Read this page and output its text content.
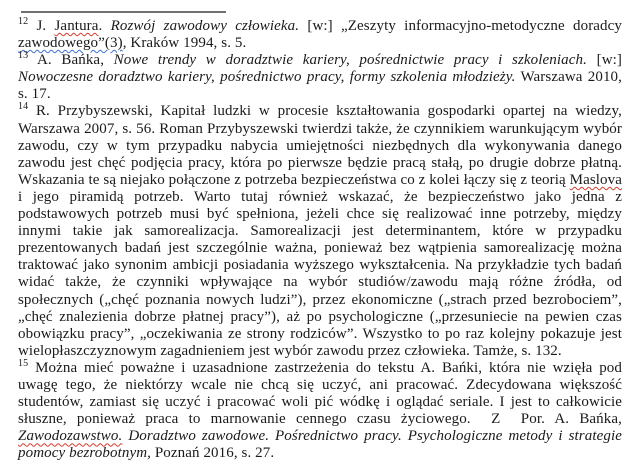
$^{12}$ J. Jantura. Rozwój zawodowy człowieka. [w:] „Zeszyty informacyjno-metodyczne doradcy zawodowego”(3), Kraków 1994, s. 5.

$^{13}$ A. Bańka, Nowe trendy w doradztwie kariery, pośrednictwie pracy i szkoleniach. [w:] Nowoczesne doradztwo kariery, pośrednictwo pracy, formy szkolenia młodzieży. Warszawa 2010, s. 17.

$^{14}$ R. Przybyszewski, Kapitał ludzki w procesie kształtowania gospodarki opartej na wiedzy, Warszawa 2007, s. 56. Roman Przybyszewski twierdzi także, że czynnikiem warunkującym wybór zawodu, czy w tym przypadku nabycia umiejętności niezbędnych dla wykonywania danego zawodu jest chęć podjęcia pracy, która po pierwsze będzie pracą stałą, po drugie dobrze płatną. Wskazania te są niejako połączone z potrzeba bezpieczeństwa co z kolei łączy się z teorią Maslova i jego piramidą potrzeb. Warto tutaj również wskazać, że bezpieczeństwo jako jedna z podstawowych potrzeb musi być spełniona, jeżeli chce się realizować inne potrzeby, między innymi takie jak samorealizacja. Samorealizacji jest determinantem, które w przypadku prezentowanych badań jest szczególnie ważna, ponieważ bez wątpienia samorealizację można traktować jako synonim ambicji posiadania wyższego wykształcenia. Na przykładzie tych badań widać także, że czynniki wpływające na wybór studiów/zawodu mają różne źródła, od społecznych („chęć poznania nowych ludzi”), przez ekonomiczne („strach przed bezrobociem”, „chęć znalezienia dobrze płatnej pracy”), aż po psychologiczne („przesuniecie na pewien czas obowiązku pracy”, „oczekiwania ze strony rodziców”. Wszystko to po raz kolejny pokazuje jest wielopłaszczyznowym zagadnieniem jest wybór zawodu przez człowieka. Tamże, s. 132.

$^{15}$ Można mieć poważne i uzasadnione zastrzeżenia do tekstu A. Bańki, która nie wzięła pod uwagę tego, że niektórzy wcale nie chcą się uczyć, ani pracować. Zdecydowana większość studentów, zamiast się uczyć i pracować woli pić wódkę i oglądać seriale. I jest to całkowicie słuszne, ponieważ praca to marnowanie cennego czasu życiowego.  Z  Por. A. Bańka, Zawodozawstwo. Doradztwo zawodowe. Pośrednictwo pracy. Psychologiczne metody i strategie pomocy bezrobotnym, Poznań 2016, s. 27.
